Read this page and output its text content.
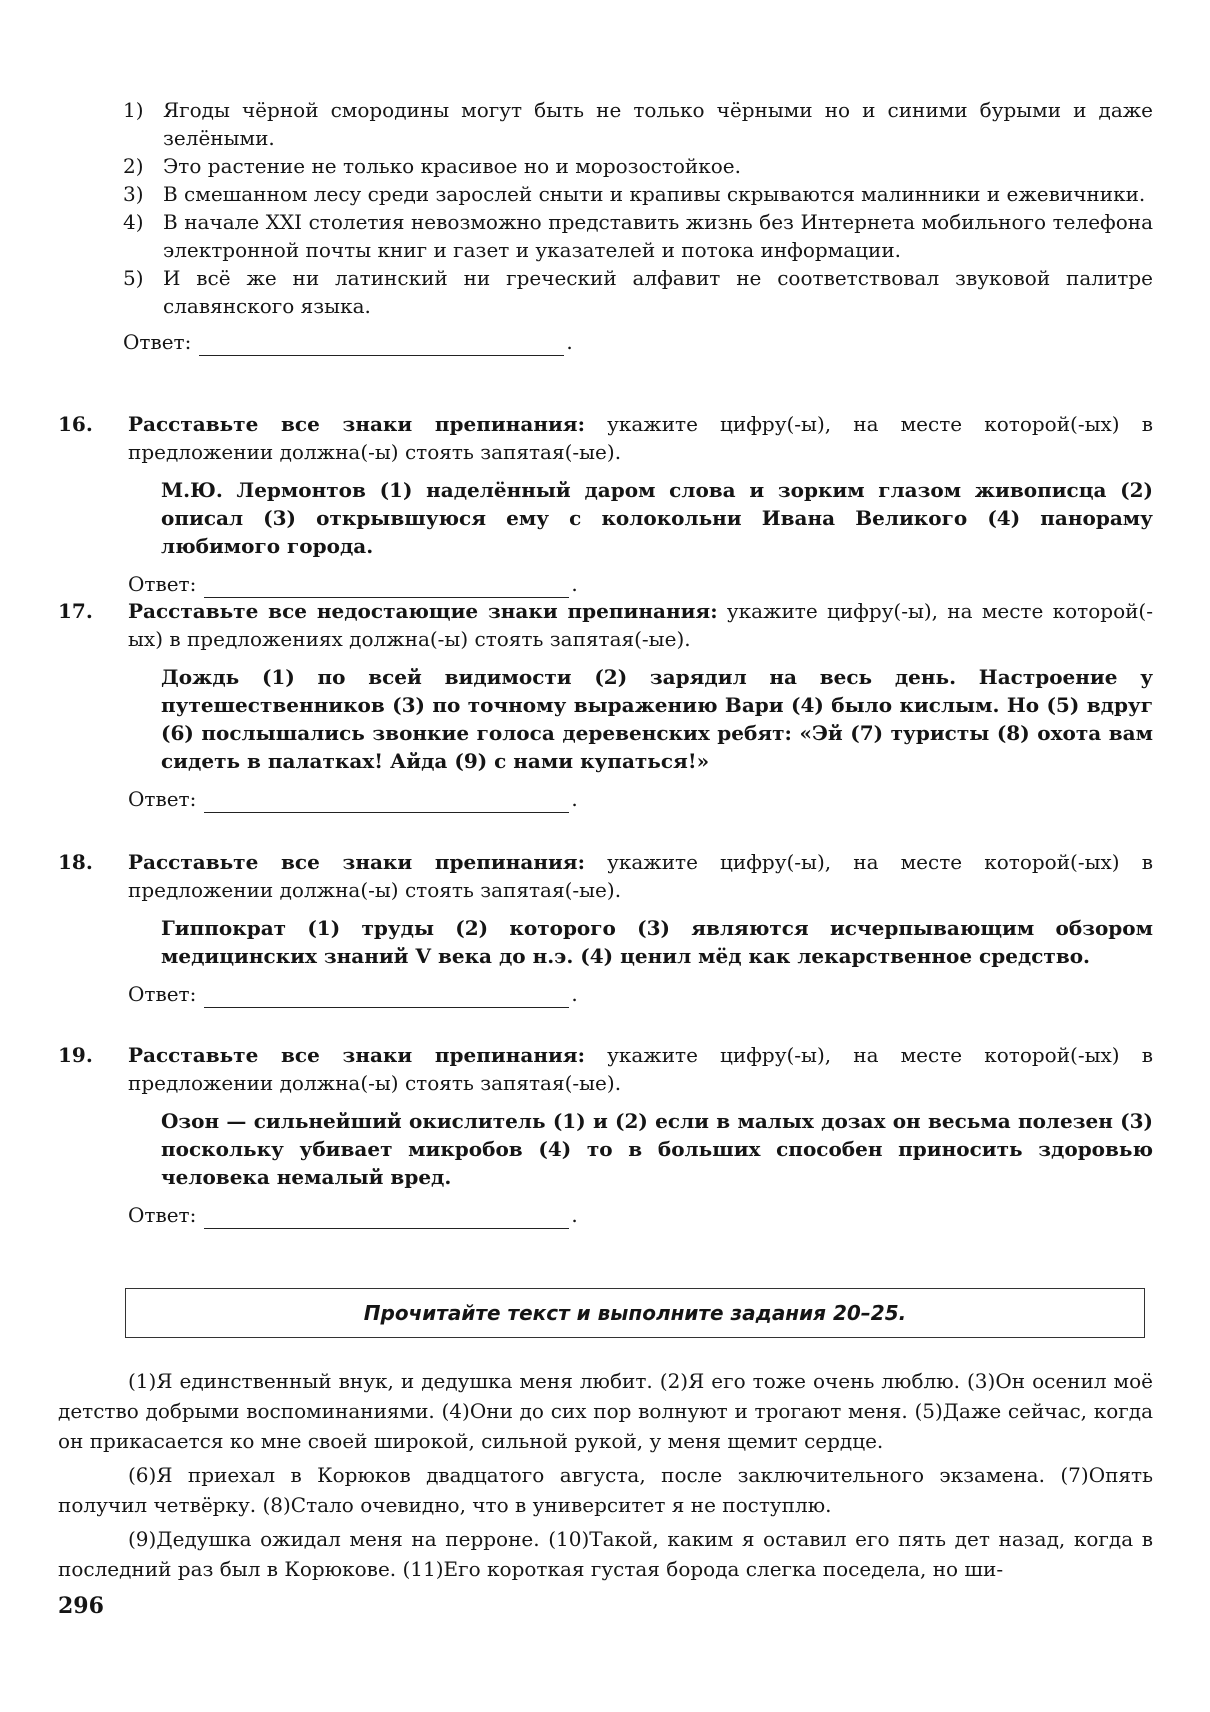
1) Ягоды чёрной смородины могут быть не только чёрными но и синими бурыми и даже зелёными.
2) Это растение не только красивое но и морозостойкое.
3) В смешанном лесу среди зарослей сныти и крапивы скрываются малинники и ежевичники.
4) В начале XXI столетия невозможно представить жизнь без Интернета мобильного телефона электронной почты книг и газет и указателей и потока информации.
5) И всё же ни латинский ни греческий алфавит не соответствовал звуковой палитре славянского языка.
Ответ:	.
16.	Расставьте все знаки препинания: укажите цифру(-ы), на месте которой(-ых) в предложении должна(-ы) стоять запятая(-ые).
М.Ю. Лермонтов (1) наделённый даром слова и зорким глазом живописца (2) описал (3) открывшуюся ему с колокольни Ивана Великого (4) панораму любимого города.
Ответ:	.
17.	Расставьте все недостающие знаки препинания: укажите цифру(-ы), на месте которой(-ых) в предложениях должна(-ы) стоять запятая(-ые).
Дождь (1) по всей видимости (2) зарядил на весь день. Настроение у путешественников (3) по точному выражению Вари (4) было кислым. Но (5) вдруг (6) послышались звонкие голоса деревенских ребят: «Эй (7) туристы (8) охота вам сидеть в палатках! Айда (9) с нами купаться!»
Ответ:	.
18.	Расставьте все знаки препинания: укажите цифру(-ы), на месте которой(-ых) в предложении должна(-ы) стоять запятая(-ые).
Гиппократ (1) труды (2) которого (3) являются исчерпывающим обзором медицинских знаний V века до н.э. (4) ценил мёд как лекарственное средство.
Ответ:	.
19.	Расставьте все знаки препинания: укажите цифру(-ы), на месте которой(-ых) в предложении должна(-ы) стоять запятая(-ые).
Озон — сильнейший окислитель (1) и (2) если в малых дозах он весьма полезен (3) поскольку убивает микробов (4) то в больших способен приносить здоровью человека немалый вред.
Ответ:	.
Прочитайте текст и выполните задания 20–25.

(1)Я единственный внук, и дедушка меня любит. (2)Я его тоже очень люблю. (3)Он осенил моё детство добрыми воспоминаниями. (4)Они до сих пор волнуют и трогают меня. (5)Даже сейчас, когда он прикасается ко мне своей широкой, сильной рукой, у меня щемит сердце.

(6)Я приехал в Корюков двадцатого августа, после заключительного экзамена. (7)Опять получил четвёрку. (8)Стало очевидно, что в университет я не поступлю.

(9)Дедушка ожидал меня на перроне. (10)Такой, каким я оставил его пять дет назад, когда в последний раз был в Корюкове. (11)Его короткая густая борода слегка поседела, но ши-

296
